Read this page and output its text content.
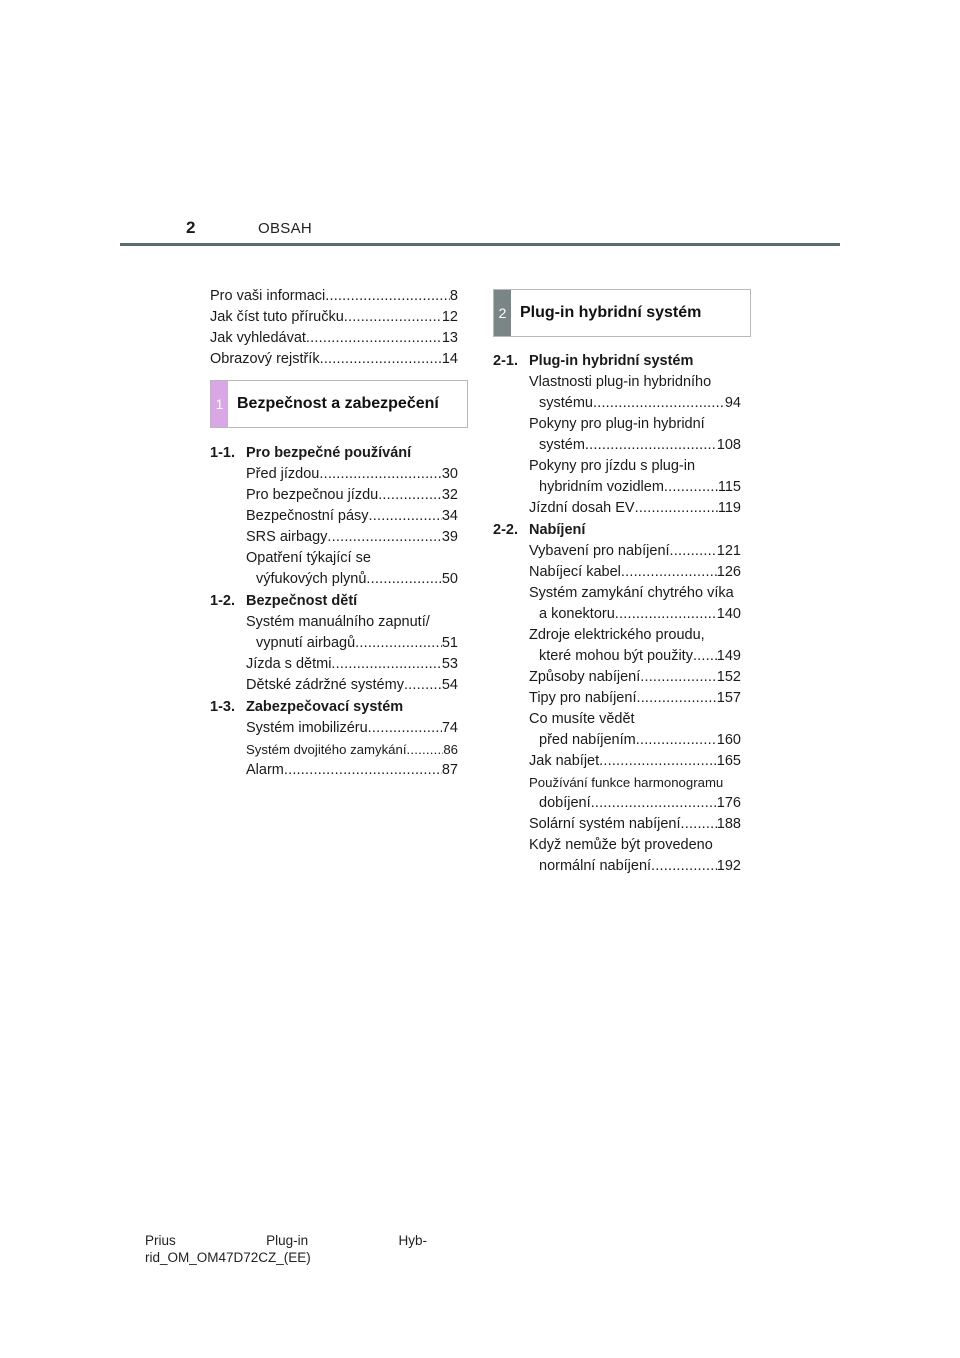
2	OBSAH
Pro vaši informaci .....	8
Jak číst tuto příručku .....	12
Jak vyhledávat .....	13
Obrazový rejstřík .....	14
1 Bezpečnost a zabezpečení
1-1. Pro bezpečné používání
Před jízdou .....	30
Pro bezpečnou jízdu .....	32
Bezpečnostní pásy .....	34
SRS airbagy .....	39
Opatření týkající se
výfukových plynů .....	50
1-2. Bezpečnost dětí
Systém manuálního zapnutí/
vypnutí airbagů .....	51
Jízda s dětmi .....	53
Dětské zádržné systémy .....	54
1-3. Zabezpečovací systém
Systém imobilizéru .....	74
Systém dvojitého zamykání .....	86
Alarm .....	87
2 Plug-in hybridní systém
2-1. Plug-in hybridní systém
Vlastnosti plug-in hybridního
systému .....	94
Pokyny pro plug-in hybridní
systém .....	108
Pokyny pro jízdu s plug-in
hybridním vozidlem .....	115
Jízdní dosah EV .....	119
2-2. Nabíjení
Vybavení pro nabíjení .....	121
Nabíjecí kabel .....	126
Systém zamykání chytrého víka
a konektoru .....	140
Zdroje elektrického proudu,
které mohou být použity ..... 149
Způsoby nabíjení .....	152
Tipy pro nabíjení .....	157
Co musíte vědět
před nabíjením .....	160
Jak nabíjet .....	165
Používání funkce harmonogramu
dobíjení .....	176
Solární systém nabíjení .....	188
Když nemůže být provedeno
normální nabíjení .....	192
Prius	Plug-in	Hyb-
rid_OM_OM47D72CZ_(EE)
